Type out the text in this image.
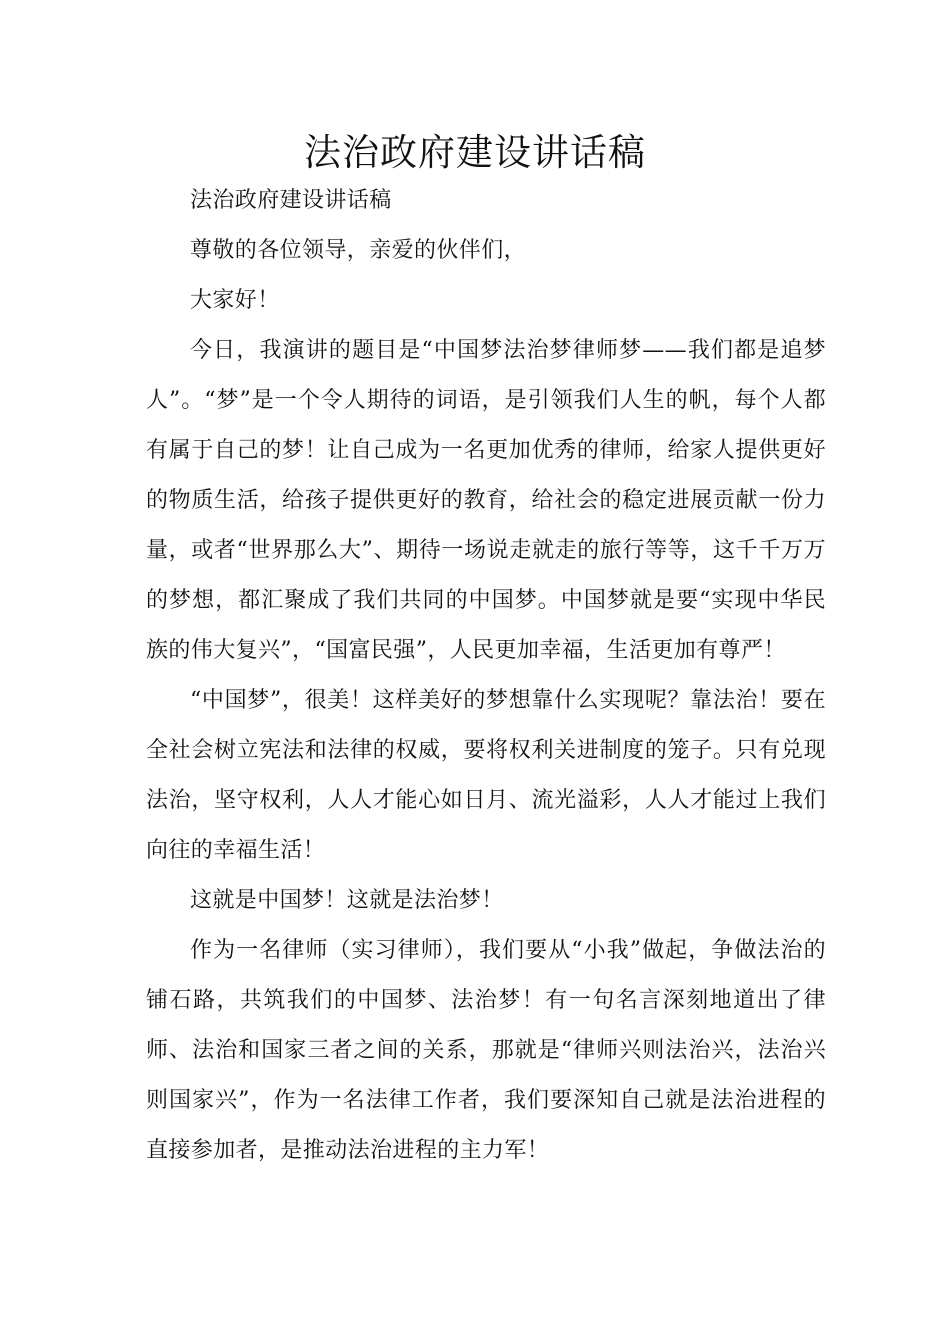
法治政府建设讲话稿

法治政府建设讲话稿

尊敬的各位领导，亲爱的伙伴们，

大家好！

今日，我演讲的题目是“中国梦法治梦律师梦——我们都是追梦人”。“梦”是一个令人期待的词语，是引领我们人生的帆，每个人都有属于自己的梦！让自己成为一名更加优秀的律师，给家人提供更好的物质生活，给孩子提供更好的教育，给社会的稳定进展贡献一份力量，或者“世界那么大”、期待一场说走就走的旅行等等，这千千万万的梦想，都汇聚成了我们共同的中国梦。中国梦就是要“实现中华民族的伟大复兴”，“国富民强”，人民更加幸福，生活更加有尊严！

“中国梦”，很美！这样美好的梦想靠什么实现呢？靠法治！要在全社会树立宪法和法律的权威，要将权利关进制度的笼子。只有兑现法治，坚守权利，人人才能心如日月、流光溢彩，人人才能过上我们向往的幸福生活！

这就是中国梦！这就是法治梦！

作为一名律师（实习律师），我们要从“小我”做起，争做法治的铺石路，共筑我们的中国梦、法治梦！有一句名言深刻地道出了律师、法治和国家三者之间的关系，那就是“律师兴则法治兴，法治兴则国家兴”，作为一名法律工作者，我们要深知自己就是法治进程的直接参加者，是推动法治进程的主力军！
